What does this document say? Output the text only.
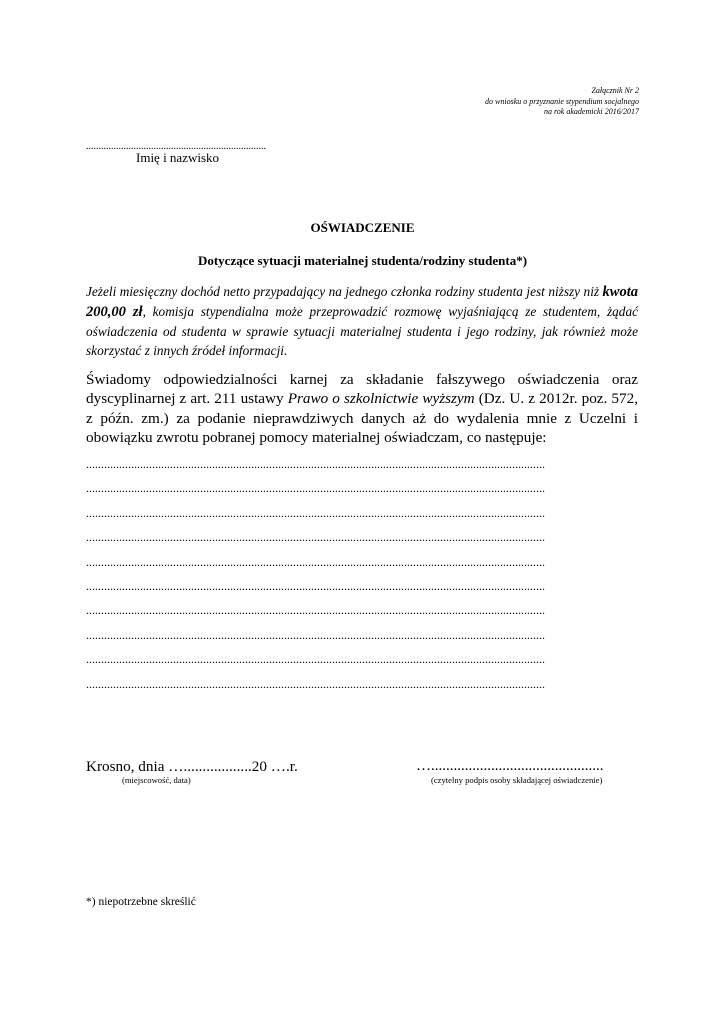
Załącznik Nr 2
do wniosku o przyznanie stypendium socjalnego
na rok akademicki 2016/2017
........................................................................
Imię i nazwisko
OŚWIADCZENIE
Dotyczące sytuacji materialnej studenta/rodziny studenta*)
Jeżeli miesięczny dochód netto przypadający na jednego członka rodziny studenta jest niższy niż kwota 200,00 zł, komisja stypendialna może przeprowadzić rozmowę wyjaśniającą ze studentem, żądać oświadczenia od studenta w sprawie sytuacji materialnej studenta i jego rodziny, jak również może skorzystać z innych źródeł informacji.
Świadomy odpowiedzialności karnej za składanie fałszywego oświadczenia oraz dyscyplinarnej z art. 211 ustawy Prawo o szkolnictwie wyższym (Dz. U. z 2012r. poz. 572, z późn. zm.) za podanie nieprawdziwych danych aż do wydalenia mnie z Uczelni i obowiązku zwrotu pobranej pomocy materialnej oświadczam, co następuje:
.........................................................................................................................................................
.........................................................................................................................................................
.........................................................................................................................................................
.........................................................................................................................................................
.........................................................................................................................................................
.........................................................................................................................................................
.........................................................................................................................................................
.........................................................................................................................................................
.........................................................................................................................................................
.........................................................................................................................................................
Krosno, dnia …..................20 ….r.
(miejscowość, data)
…..............................................
(czytelny podpis osoby składającej oświadczenie)
*) niepotrzebne skreślić
